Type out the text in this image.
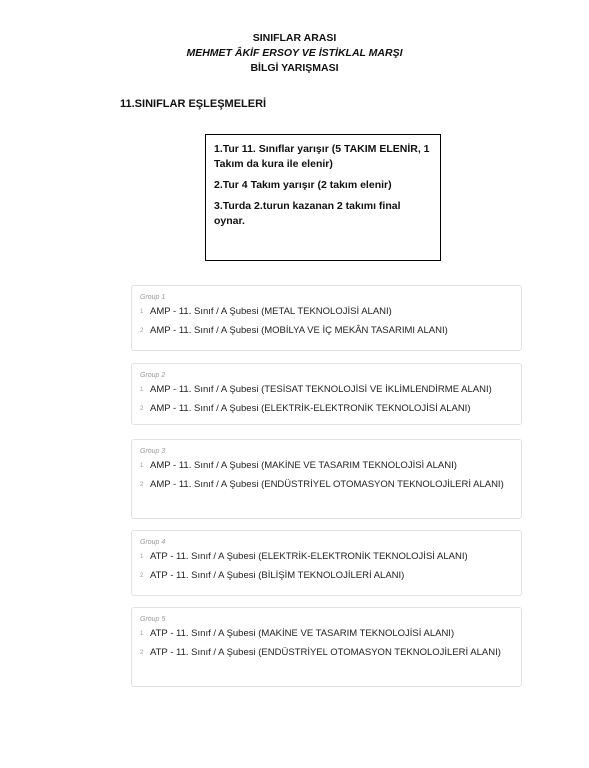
SINIFLAR ARASI
MEHMET ÂKİF ERSOY VE İSTİKLAL MARŞI
BİLGİ YARIŞMASI
11.SINIFLAR EŞLEŞMELERİ

1.Tur 11. Sınıflar yarışır (5 TAKIM ELENİR, 1 Takım da kura ile elenir)

2.Tur 4 Takım yarışır (2 takım elenir)

3.Turda 2.turun kazanan 2 takımı final oynar.

Group 1
1 AMP - 11. Sınıf / A Şubesi (METAL TEKNOLOJİSİ ALANI)
2 AMP - 11. Sınıf / A Şubesi (MOBİLYA VE İÇ MEKÂN TASARIMI ALANI)
Group 2
1 AMP - 11. Sınıf / A Şubesi (TESİSAT TEKNOLOJİSİ VE İKLİMLENDİRME ALANI)
2 AMP - 11. Sınıf / A Şubesi (ELEKTRİK-ELEKTRONİK TEKNOLOJİSİ ALANI)
Group 3
1 AMP - 11. Sınıf / A Şubesi (MAKİNE VE TASARIM TEKNOLOJİSİ ALANI)
2 AMP - 11. Sınıf / A Şubesi (ENDÜSTRİYEL OTOMASYON TEKNOLOJİLERİ ALANI)
Group 4
1 ATP - 11. Sınıf / A Şubesi (ELEKTRİK-ELEKTRONİK TEKNOLOJİSİ ALANI)
2 ATP - 11. Sınıf / A Şubesi (BİLİŞİM TEKNOLOJİLERİ ALANI)
Group 5
1 ATP - 11. Sınıf / A Şubesi (MAKİNE VE TASARIM TEKNOLOJİSİ ALANI)
2 ATP - 11. Sınıf / A Şubesi (ENDÜSTRİYEL OTOMASYON TEKNOLOJİLERİ ALANI)
